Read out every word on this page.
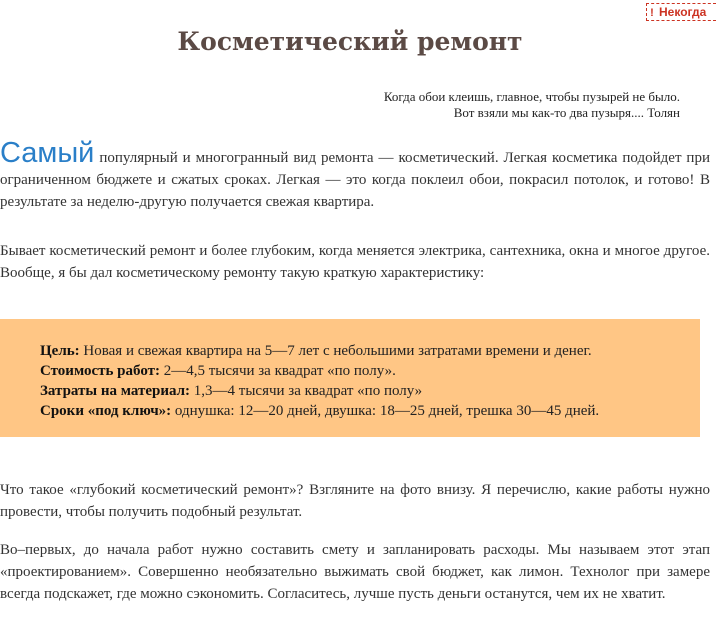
! Некогда
Косметический ремонт
Когда обои клеишь, главное, чтобы пузырей не было.
Вот взяли мы как-то два пузыря.... Толян

Самый популярный и многогранный вид ремонта — косметический. Легкая косметика подойдет при ограниченном бюджете и сжатых сроках. Легкая — это когда поклеил обои, покрасил потолок, и готово! В результате за неделю-другую получается свежая квартира.

Бывает косметический ремонт и более глубоким, когда меняется электрика, сантехника, окна и многое другое. Вообще, я бы дал косметическому ремонту такую краткую характеристику:

Цель: Новая и свежая квартира на 5—7 лет с небольшими затратами времени и денег.
Стоимость работ: 2—4,5 тысячи за квадрат «по полу».
Затраты на материал: 1,3—4 тысячи за квадрат «по полу»
Сроки «под ключ»: однушка: 12—20 дней, двушка: 18—25 дней, трешка 30—45 дней.

Что такое «глубокий косметический ремонт»? Взгляните на фото внизу. Я перечислю, какие работы нужно провести, чтобы получить подобный результат.

Во–первых, до начала работ нужно составить смету и запланировать расходы. Мы называем этот этап «проектированием». Совершенно необязательно выжимать свой бюджет, как лимон. Технолог при замере всегда подскажет, где можно сэкономить. Согласитесь, лучше пусть деньги останутся, чем их не хватит.
